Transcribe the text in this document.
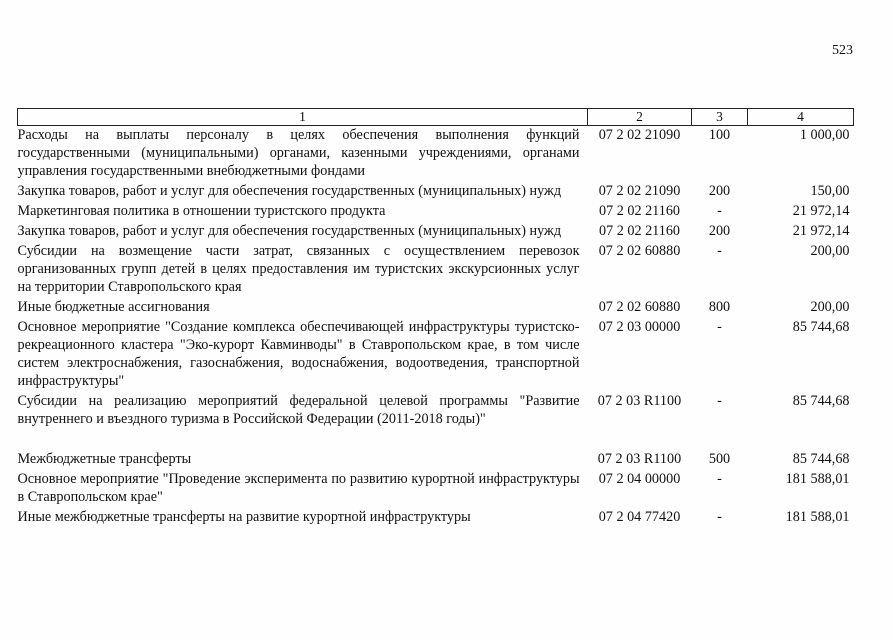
523
1	2	3	4
Расходы на выплаты персоналу в целях обеспечения выполнения функций государственными (муниципальными) органами, казенными учреждениями, органами управления государственными внебюджетными фондами	07 2 02 21090	100	1 000,00
Закупка товаров, работ и услуг для обеспечения государственных (муниципальных) нужд	07 2 02 21090	200	150,00
Маркетинговая политика в отношении туристского продукта	07 2 02 21160	-	21 972,14
Закупка товаров, работ и услуг для обеспечения государственных (муниципальных) нужд	07 2 02 21160	200	21 972,14
Субсидии на возмещение части затрат, связанных с осуществлением перевозок организованных групп детей в целях предоставления им туристских экскурсионных услуг на территории Ставропольского края	07 2 02 60880	-	200,00
Иные бюджетные ассигнования	07 2 02 60880	800	200,00
Основное мероприятие "Создание комплекса обеспечивающей инфраструктуры туристско-рекреационного кластера "Эко-курорт Кавминводы" в Ставропольском крае, в том числе систем электроснабжения, газоснабжения, водоснабжения, водоотведения, транспортной инфраструктуры"	07 2 03 00000	-	85 744,68
Субсидии на реализацию мероприятий федеральной целевой программы "Развитие внутреннего и въездного туризма в Российской Федерации (2011-2018 годы)"	07 2 03 R1100	-	85 744,68
Межбюджетные трансферты	07 2 03 R1100	500	85 744,68
Основное мероприятие "Проведение эксперимента по развитию курортной инфраструктуры в Ставропольском крае"	07 2 04 00000	-	181 588,01
Иные межбюджетные трансферты на развитие курортной инфраструктуры	07 2 04 77420	-	181 588,01
